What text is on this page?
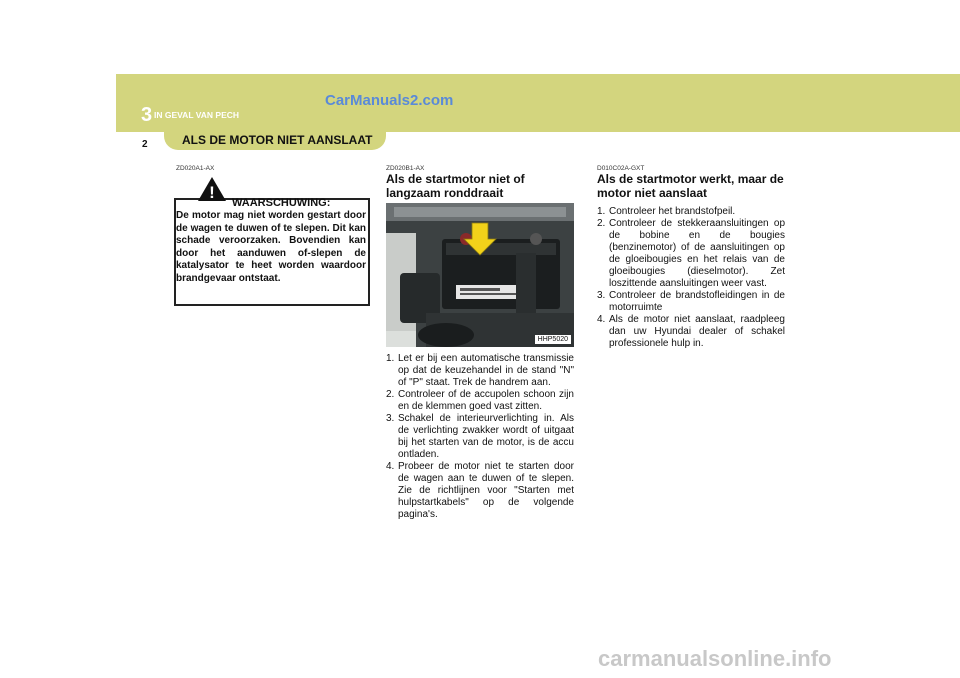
3 IN GEVAL VAN PECH
CarManuals2.com
2	ALS DE MOTOR NIET AANSLAAT
ZD020A1-AX
!
WAARSCHUWING:
De motor mag niet worden gestart door de wagen te duwen of te slepen. Dit kan schade veroorzaken. Bovendien kan door het aanduwen of-slepen de katalysator te heet worden waardoor brandgevaar ontstaat.
ZD020B1-AX
Als de startmotor niet of langzaam ronddraait
HHP5020
1. Let er bij een automatische transmissie op dat de keuzehandel in de stand "N" of "P" staat. Trek de handrem aan.
2. Controleer of de accupolen schoon zijn en de klemmen goed vast zitten.
3. Schakel de interieurverlichting in. Als de verlichting zwakker wordt of uitgaat bij het starten van de motor, is de accu ontladen.
4. Probeer de motor niet te starten door de wagen aan te duwen of te slepen. Zie de richtlijnen voor "Starten met hulpstartkabels" op de volgende pagina's.
D010C02A-GXT
Als de startmotor werkt, maar de motor niet aanslaat
1. Controleer het brandstofpeil.
2. Controleer de stekkeraansluitingen op de bobine en de bougies (benzinemotor) of de aansluitingen op de gloeibougies en het relais van de gloeibougies (dieselmotor). Zet loszittende aansluitingen weer vast.
3. Controleer de brandstofleidingen in de motorruimte
4. Als de motor niet aanslaat, raadpleeg dan uw Hyundai dealer of schakel professionele hulp in.
carmanualsonline.info
